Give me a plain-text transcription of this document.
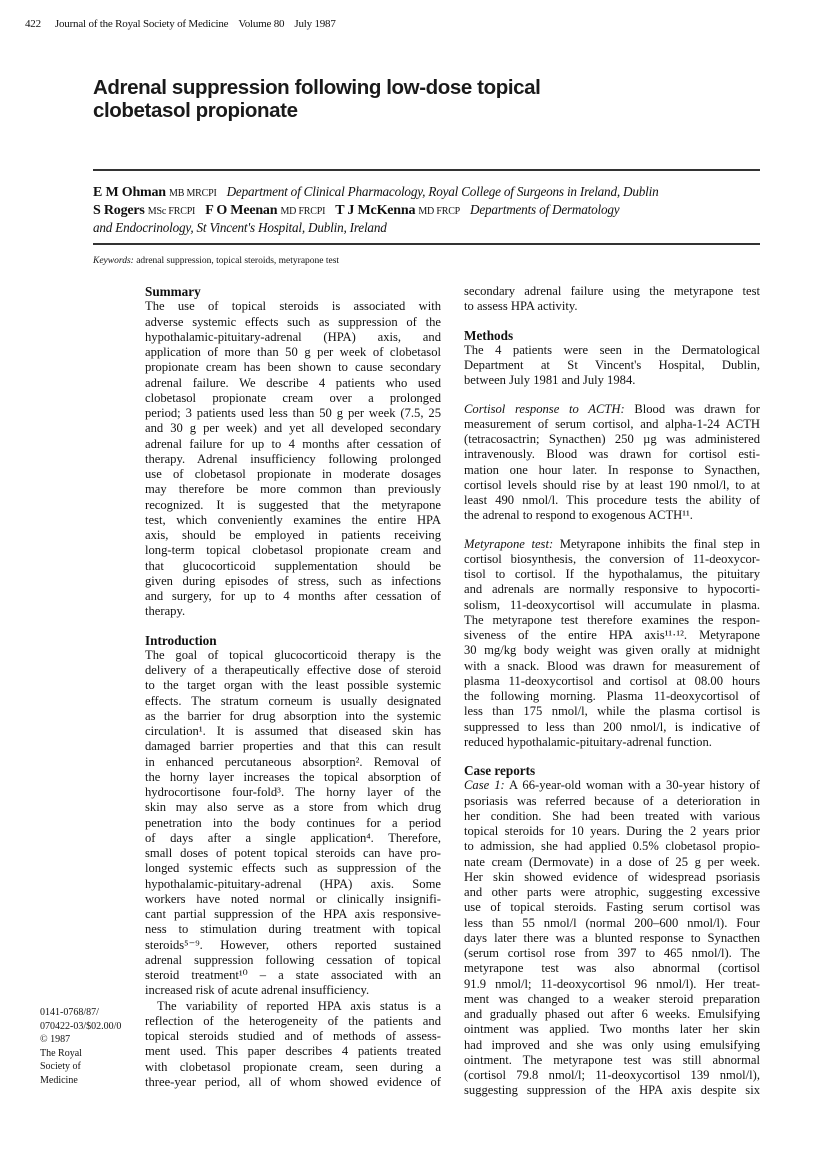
422 Journal of the Royal Society of Medicine Volume 80 July 1987
Adrenal suppression following low-dose topical
clobetasol propionate
E M Ohman MB MRCPI Department of Clinical Pharmacology, Royal College of Surgeons in Ireland, Dublin
S Rogers MSc FRCPI F O Meenan MD FRCPI T J McKenna MD FRCP Departments of Dermatology
and Endocrinology, St Vincent's Hospital, Dublin, Ireland
Keywords: adrenal suppression, topical steroids, metyrapone test
Summary
The use of topical steroids is associated with
adverse systemic effects such as suppression of the
hypothalamic-pituitary-adrenal (HPA) axis, and
application of more than 50 g per week of clobetasol
propionate cream has been shown to cause secondary
adrenal failure. We describe 4 patients who used
clobetasol propionate cream over a prolonged
period; 3 patients used less than 50 g per week (7.5, 25
and 30 g per week) and yet all developed secondary
adrenal failure for up to 4 months after cessation of
therapy. Adrenal insufficiency following prolonged
use of clobetasol propionate in moderate dosages
may therefore be more common than previously
recognized. It is suggested that the metyrapone
test, which conveniently examines the entire HPA
axis, should be employed in patients receiving
long-term topical clobetasol propionate cream and
that glucocorticoid supplementation should be
given during episodes of stress, such as infections
and surgery, for up to 4 months after cessation of
therapy.
Introduction
The goal of topical glucocorticoid therapy is the
delivery of a therapeutically effective dose of steroid
to the target organ with the least possible systemic
effects. The stratum corneum is usually designated
as the barrier for drug absorption into the systemic
circulation¹. It is assumed that diseased skin has
damaged barrier properties and that this can result
in enhanced percutaneous absorption². Removal of
the horny layer increases the topical absorption of
hydrocortisone four-fold³. The horny layer of the
skin may also serve as a store from which drug
penetration into the body continues for a period
of days after a single application⁴. Therefore,
small doses of potent topical steroids can have pro-
longed systemic effects such as suppression of the
hypothalamic-pituitary-adrenal (HPA) axis. Some
workers have noted normal or clinically insignifi-
cant partial suppression of the HPA axis responsive-
ness to stimulation during treatment with topical
steroids⁵⁻⁹. However, others reported sustained
adrenal suppression following cessation of topical
steroid treatment¹⁰ – a state associated with an
increased risk of acute adrenal insufficiency.
The variability of reported HPA axis status is a
reflection of the heterogeneity of the patients and
topical steroids studied and of methods of assess-
ment used. This paper describes 4 patients treated
with clobetasol propionate cream, seen during a
three-year period, all of whom showed evidence of
secondary adrenal failure using the metyrapone test
to assess HPA activity.
Methods
The 4 patients were seen in the Dermatological
Department at St Vincent's Hospital, Dublin,
between July 1981 and July 1984.
Cortisol response to ACTH: Blood was drawn for
measurement of serum cortisol, and alpha-1-24 ACTH
(tetracosactrin; Synacthen) 250 µg was administered
intravenously. Blood was drawn for cortisol esti-
mation one hour later. In response to Synacthen,
cortisol levels should rise by at least 190 nmol/l, to at
least 490 nmol/l. This procedure tests the ability of
the adrenal to respond to exogenous ACTH¹¹.
Metyrapone test: Metyrapone inhibits the final step in
cortisol biosynthesis, the conversion of 11-deoxycor-
tisol to cortisol. If the hypothalamus, the pituitary
and adrenals are normally responsive to hypocorti-
solism, 11-deoxycortisol will accumulate in plasma.
The metyrapone test therefore examines the respon-
siveness of the entire HPA axis¹¹·¹². Metyrapone
30 mg/kg body weight was given orally at midnight
with a snack. Blood was drawn for measurement of
plasma 11-deoxycortisol and cortisol at 08.00 hours
the following morning. Plasma 11-deoxycortisol of
less than 175 nmol/l, while the plasma cortisol is
suppressed to less than 200 nmol/l, is indicative of
reduced hypothalamic-pituitary-adrenal function.
Case reports
Case 1: A 66-year-old woman with a 30-year history of
psoriasis was referred because of a deterioration in
her condition. She had been treated with various
topical steroids for 10 years. During the 2 years prior
to admission, she had applied 0.5% clobetasol propio-
nate cream (Dermovate) in a dose of 25 g per week.
Her skin showed evidence of widespread psoriasis
and other parts were atrophic, suggesting excessive
use of topical steroids. Fasting serum cortisol was
less than 55 nmol/l (normal 200–600 nmol/l). Four
days later there was a blunted response to Synacthen
(serum cortisol rose from 397 to 465 nmol/l). The
metyrapone test was also abnormal (cortisol
91.9 nmol/l; 11-deoxycortisol 96 nmol/l). Her treat-
ment was changed to a weaker steroid preparation
and gradually phased out after 6 weeks. Emulsifying
ointment was applied. Two months later her skin
had improved and she was only using emulsifying
ointment. The metyrapone test was still abnormal
(cortisol 79.8 nmol/l; 11-deoxycortisol 139 nmol/l),
suggesting suppression of the HPA axis despite six
0141-0768/87/
070422-03/$02.00/0
© 1987
The Royal
Society of
Medicine
